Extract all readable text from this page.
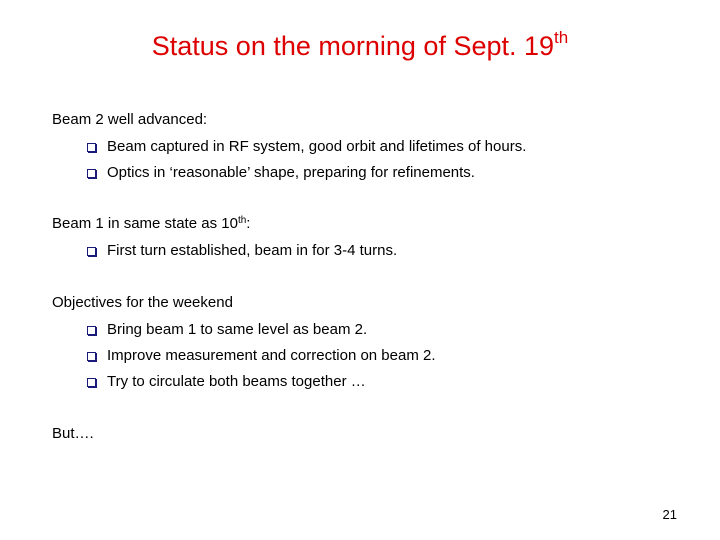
Status on the morning of Sept. 19th
Beam 2 well advanced:
Beam captured in RF system, good orbit and lifetimes of hours.
Optics in ‘reasonable’ shape, preparing for refinements.
Beam 1 in same state as 10th:
First turn established, beam in for 3-4 turns.
Objectives for the weekend
Bring beam 1 to same level as beam 2.
Improve measurement and correction on beam 2.
Try to circulate both beams together …
But….
21
